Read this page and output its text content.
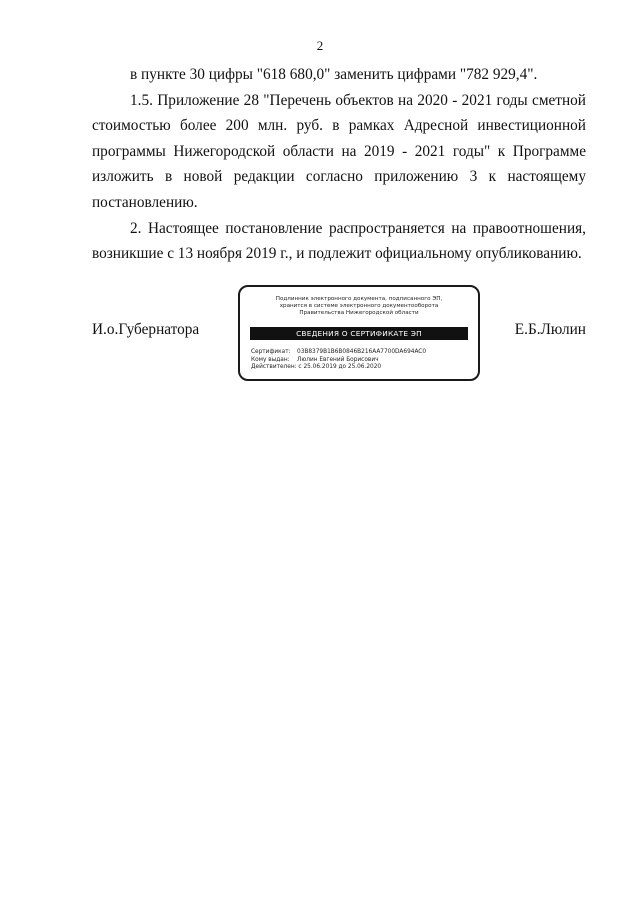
2

в пункте 30 цифры "618 680,0" заменить цифрами "782 929,4".

1.5. Приложение 28 "Перечень объектов на 2020 - 2021 годы сметной стоимостью более 200 млн. руб. в рамках Адресной инвестиционной программы Нижегородской области на 2019 - 2021 годы" к Программе изложить в новой редакции согласно приложению 3 к настоящему постановлению.

2. Настоящее постановление распространяется на правоотношения, возникшие с 13 ноября 2019 г., и подлежит официальному опубликованию.

И.о.Губернатора
Подлинник электронного документа, подписанного ЭП,
хранится в системе электронного документооборота
Правительства Нижегородской области
СВЕДЕНИЯ О СЕРТИФИКАТЕ ЭП
Сертификат: 03B8379B1B6B0846B216AA7700DA694AC0
Кому выдан: Люлин Евгений Борисович
Действителен: с 25.06.2019 до 25.06.2020
Е.Б.Люлин
